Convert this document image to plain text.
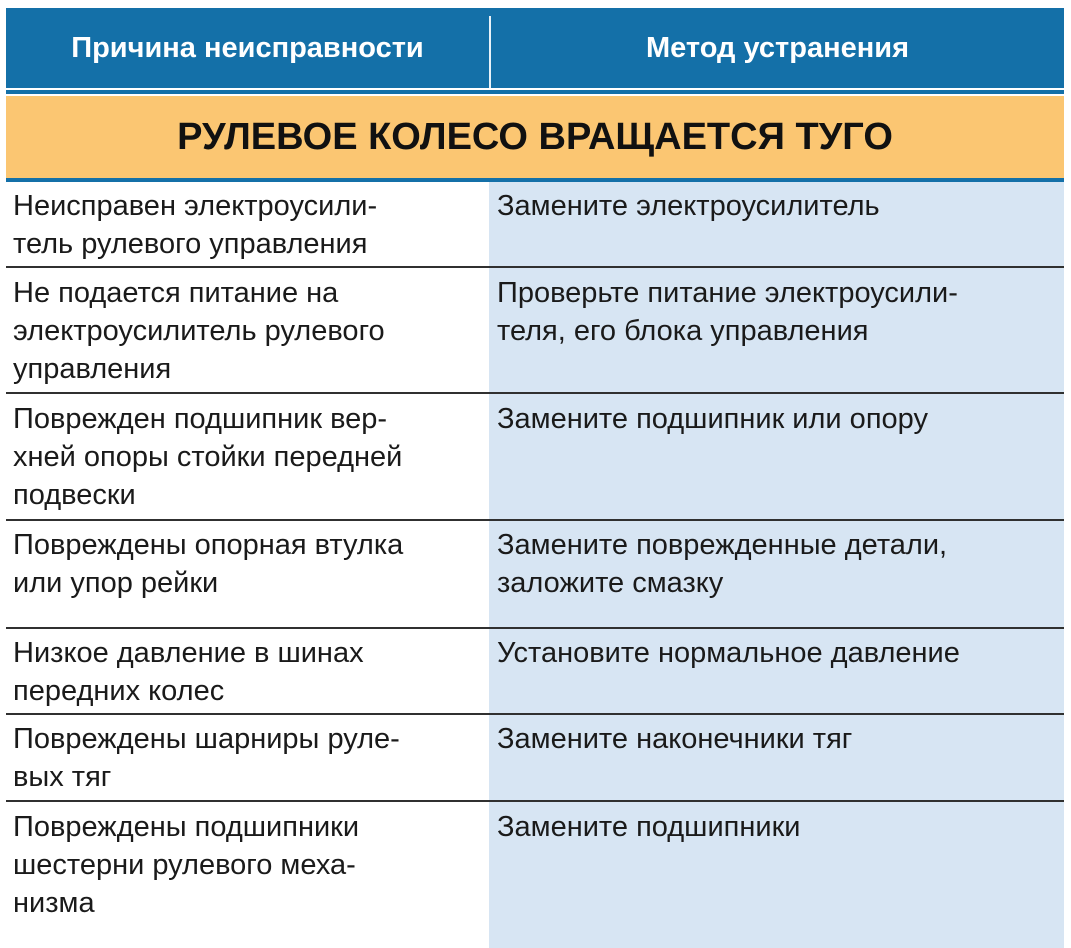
Причина неисправности	Метод устранения
РУЛЕВОЕ КОЛЕСО ВРАЩАЕТСЯ ТУГО
Неисправен электроусили-
тель рулевого управления
Замените электроусилитель
Не подается питание на
электроусилитель рулевого
управления
Проверьте питание электроусили-
теля, его блока управления
Поврежден подшипник вер-
хней опоры стойки передней
подвески
Замените подшипник или опору
Повреждены опорная втулка
или упор рейки
Замените поврежденные детали,
заложите смазку
Низкое давление в шинах
передних колес
Установите нормальное давление
Повреждены шарниры руле-
вых тяг
Замените наконечники тяг
Повреждены подшипники
шестерни рулевого меха-
низма
Замените подшипники
